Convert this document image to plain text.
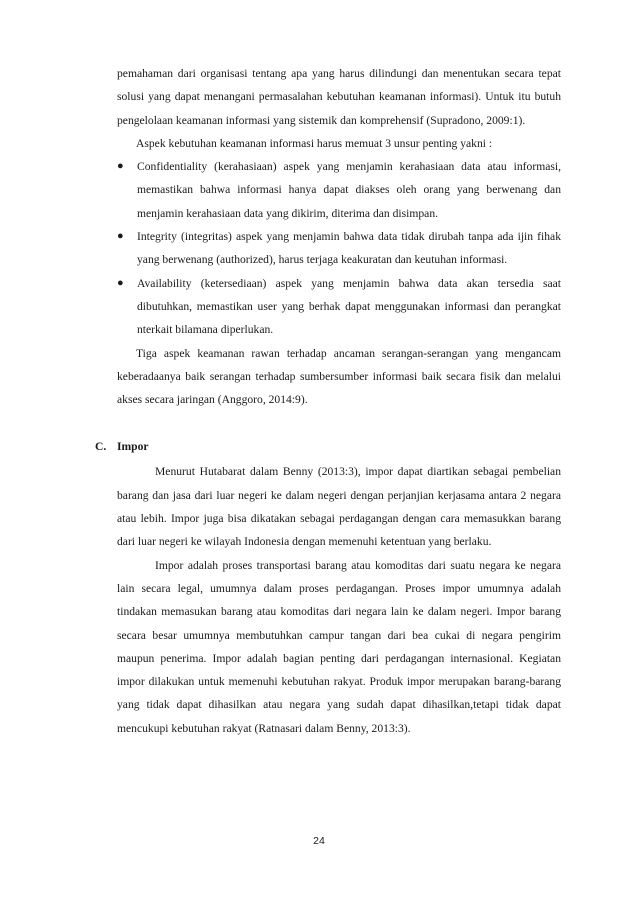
pemahaman dari organisasi tentang apa yang harus dilindungi dan menentukan secara tepat solusi yang dapat menangani permasalahan kebutuhan keamanan informasi). Untuk itu butuh pengelolaan keamanan informasi yang sistemik dan komprehensif (Supradono, 2009:1).

Aspek kebutuhan keamanan informasi harus memuat 3 unsur penting yakni :

● Confidentiality (kerahasiaan) aspek yang menjamin kerahasiaan data atau informasi, memastikan bahwa informasi hanya dapat diakses oleh orang yang berwenang dan menjamin kerahasiaan data yang dikirim, diterima dan disimpan.
● Integrity (integritas) aspek yang menjamin bahwa data tidak dirubah tanpa ada ijin fihak yang berwenang (authorized), harus terjaga keakuratan dan keutuhan informasi.
● Availability (ketersediaan) aspek yang menjamin bahwa data akan tersedia saat dibutuhkan, memastikan user yang berhak dapat menggunakan informasi dan perangkat nterkait bilamana diperlukan.

Tiga aspek keamanan rawan terhadap ancaman serangan-serangan yang mengancam keberadaanya baik serangan terhadap sumbersumber informasi baik secara fisik dan melalui akses secara jaringan (Anggoro, 2014:9).

C. Impor

Menurut Hutabarat dalam Benny (2013:3), impor dapat diartikan sebagai pembelian barang dan jasa dari luar negeri ke dalam negeri dengan perjanjian kerjasama antara 2 negara atau lebih. Impor juga bisa dikatakan sebagai perdagangan dengan cara memasukkan barang dari luar negeri ke wilayah Indonesia dengan memenuhi ketentuan yang berlaku.

Impor adalah proses transportasi barang atau komoditas dari suatu negara ke negara lain secara legal, umumnya dalam proses perdagangan. Proses impor umumnya adalah tindakan memasukan barang atau komoditas dari negara lain ke dalam negeri. Impor barang secara besar umumnya membutuhkan campur tangan dari bea cukai di negara pengirim maupun penerima. Impor adalah bagian penting dari perdagangan internasional. Kegiatan impor dilakukan untuk memenuhi kebutuhan rakyat. Produk impor merupakan barang-barang yang tidak dapat dihasilkan atau negara yang sudah dapat dihasilkan,tetapi tidak dapat mencukupi kebutuhan rakyat (Ratnasari dalam Benny, 2013:3).

24
